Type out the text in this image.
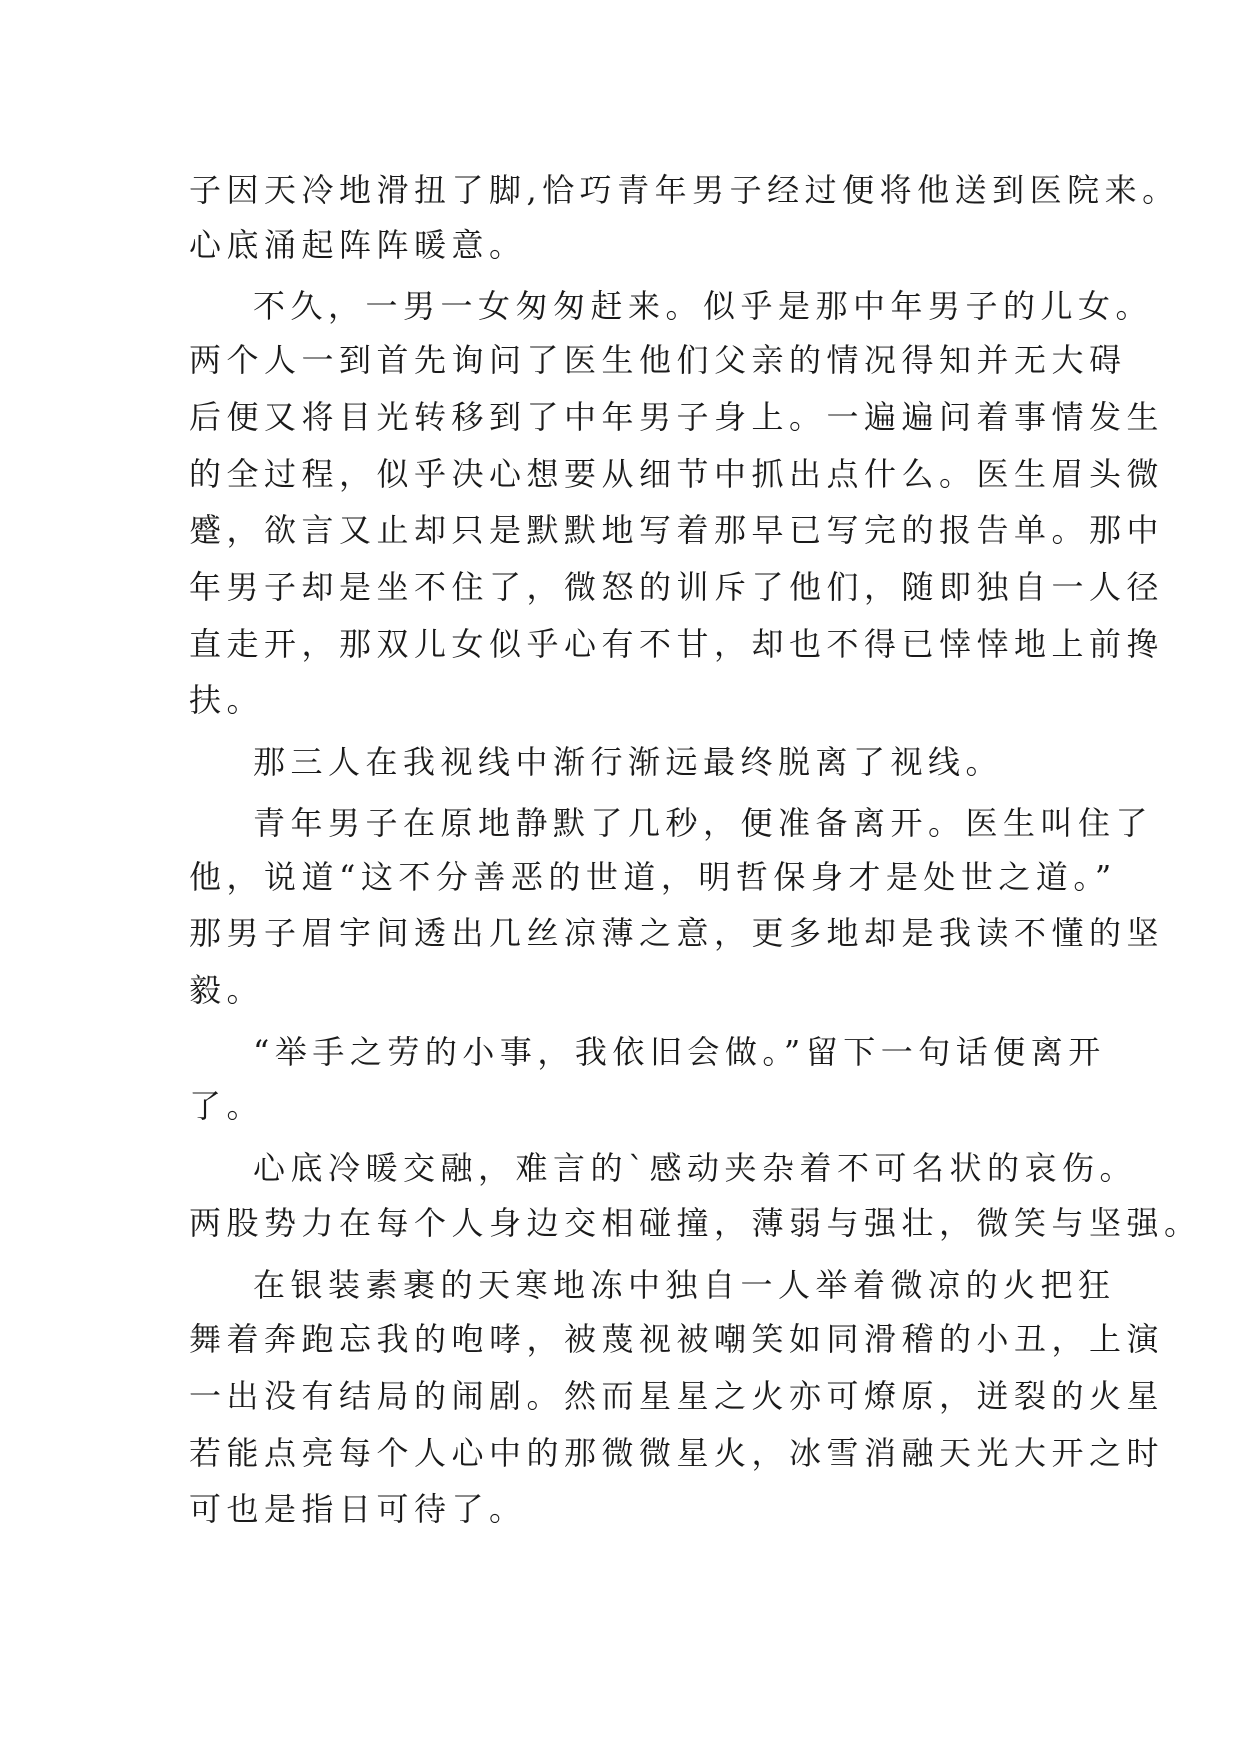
子因天冷地滑扭了脚,恰巧青年男子经过便将他送到医院来。
心底涌起阵阵暖意。
不久，一男一女匆匆赶来。似乎是那中年男子的儿女。
两个人一到首先询问了医生他们父亲的情况得知并无大碍
后便又将目光转移到了中年男子身上。一遍遍问着事情发生
的全过程，似乎决心想要从细节中抓出点什么。医生眉头微
蹙，欲言又止却只是默默地写着那早已写完的报告单。那中
年男子却是坐不住了，微怒的训斥了他们，随即独自一人径
直走开，那双儿女似乎心有不甘，却也不得已悻悻地上前搀
扶。
那三人在我视线中渐行渐远最终脱离了视线。
青年男子在原地静默了几秒，便准备离开。医生叫住了
他，说道“这不分善恶的世道，明哲保身才是处世之道。”
那男子眉宇间透出几丝凉薄之意，更多地却是我读不懂的坚
毅。
“举手之劳的小事，我依旧会做。”留下一句话便离开
了。
心底冷暖交融，难言的`感动夹杂着不可名状的哀伤。
两股势力在每个人身边交相碰撞，薄弱与强壮，微笑与坚强。
在银装素裹的天寒地冻中独自一人举着微凉的火把狂
舞着奔跑忘我的咆哮，被蔑视被嘲笑如同滑稽的小丑，上演
一出没有结局的闹剧。然而星星之火亦可燎原，迸裂的火星
若能点亮每个人心中的那微微星火，冰雪消融天光大开之时
可也是指日可待了。
